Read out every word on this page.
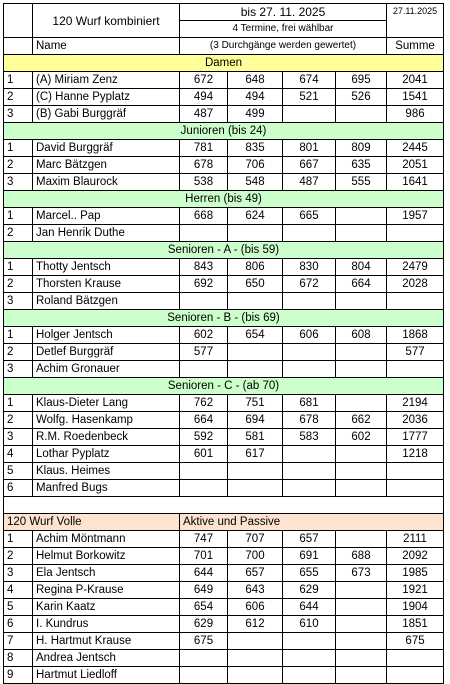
	120 Wurf kombiniert	bis 27. 11. 2025				27.11.2025
		4 Termine, frei wählbar				
	Name	(3 Durchgänge werden gewertet)				Summe
Damen						
1	(A) Miriam Zenz	672	648	674	695	2041
2	(C) Hanne Pyplatz	494	494	521	526	1541
3	(B) Gabi Burggräf	487	499			986
Junioren (bis 24)						
1	David Burggräf	781	835	801	809	2445
2	Marc Bätzgen	678	706	667	635	2051
3	Maxim Blaurock	538	548	487	555	1641
Herren (bis 49)						
1	Marcel.. Pap	668	624	665		1957
2	Jan Henrik Duthe					
Senioren - A - (bis 59)						
1	Thotty Jentsch	843	806	830	804	2479
2	Thorsten Krause	692	650	672	664	2028
3	Roland Bätzgen					
Senioren - B - (bis 69)						
1	Holger Jentsch	602	654	606	608	1868
2	Detlef Burggräf	577				577
3	Achim Gronauer					
Senioren - C - (ab 70)						
1	Klaus-Dieter Lang	762	751	681		2194
2	Wolfg. Hasenkamp	664	694	678	662	2036
3	R.M. Roedenbeck	592	581	583	602	1777
4	Lothar Pyplatz	601	617			1218
5	Klaus. Heimes					
6	Manfred Bugs					

120 Wurf Volle		Aktive und Passive				
1	Achim Möntmann	747	707	657		2111
2	Helmut Borkowitz	701	700	691	688	2092
3	Ela Jentsch	644	657	655	673	1985
4	Regina P-Krause	649	643	629		1921
5	Karin Kaatz	654	606	644		1904
6	I. Kundrus	629	612	610		1851
7	H. Hartmut Krause	675				675
8	Andrea Jentsch					
9	Hartmut Liedloff					
